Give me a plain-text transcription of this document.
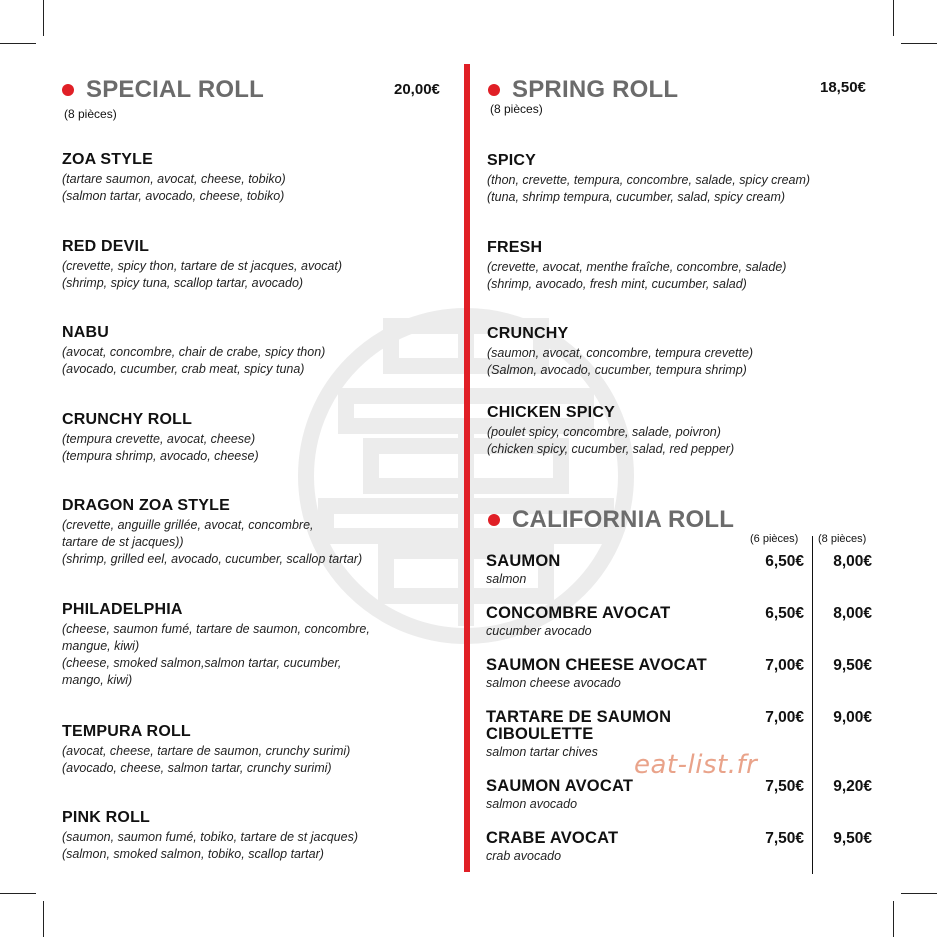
SPECIAL ROLL
(8 pièces)
20,00€
ZOA STYLE
(tartare saumon, avocat, cheese, tobiko)
(salmon tartar, avocado, cheese, tobiko)
RED DEVIL
(crevette, spicy thon, tartare de st jacques, avocat)
(shrimp, spicy tuna, scallop tartar, avocado)
NABU
(avocat, concombre, chair de crabe, spicy thon)
(avocado, cucumber, crab meat, spicy tuna)
CRUNCHY ROLL
(tempura crevette, avocat, cheese)
(tempura shrimp, avocado, cheese)
DRAGON ZOA STYLE
(crevette, anguille grillée, avocat, concombre,
tartare de st jacques))
(shrimp, grilled eel, avocado, cucumber, scallop tartar)
PHILADELPHIA
(cheese, saumon fumé, tartare de saumon, concombre,
mangue, kiwi)
(cheese, smoked salmon,salmon tartar, cucumber,
mango, kiwi)
TEMPURA ROLL
(avocat, cheese, tartare de saumon, crunchy surimi)
(avocado, cheese, salmon tartar, crunchy surimi)
PINK ROLL
(saumon, saumon fumé, tobiko, tartare de st jacques)
(salmon, smoked salmon, tobiko, scallop tartar)
SPRING ROLL
(8 pièces)
18,50€
SPICY
(thon, crevette, tempura, concombre, salade, spicy cream)
(tuna, shrimp tempura, cucumber, salad, spicy cream)
FRESH
(crevette, avocat, menthe fraîche, concombre, salade)
(shrimp, avocado, fresh mint, cucumber, salad)
CRUNCHY
(saumon, avocat, concombre, tempura crevette)
(Salmon, avocado, cucumber, tempura shrimp)
CHICKEN SPICY
(poulet spicy, concombre, salade, poivron)
(chicken spicy, cucumber, salad, red pepper)
CALIFORNIA ROLL
(6 pièces) (8 pièces)
SAUMON
salmon
6,50€	8,00€
CONCOMBRE AVOCAT
cucumber avocado
6,50€	8,00€
SAUMON CHEESE AVOCAT
salmon cheese avocado
7,00€	9,50€
TARTARE DE SAUMON CIBOULETTE
salmon tartar chives
7,00€	9,00€
SAUMON AVOCAT
salmon avocado
7,50€	9,20€
CRABE AVOCAT
crab avocado
7,50€	9,50€
eat-list.fr
